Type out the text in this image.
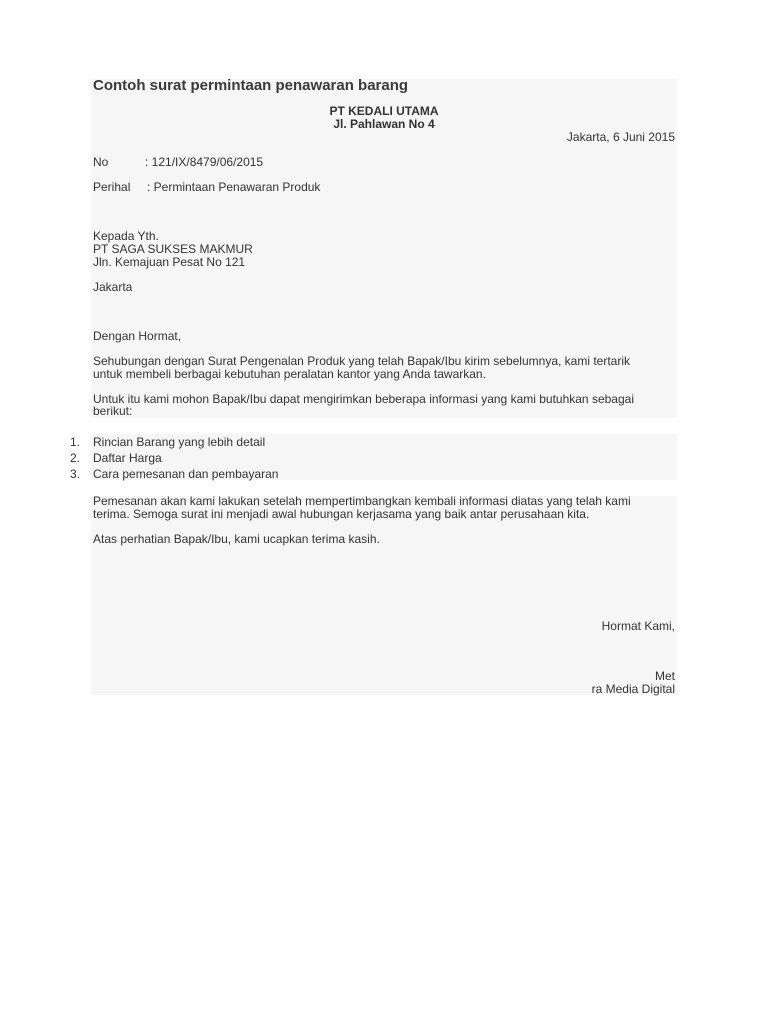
Contoh surat permintaan penawaran barang
PT KEDALI UTAMA
Jl. Pahlawan No 4
Jakarta, 6 Juni 2015
No	: 121/IX/8479/06/2015
Perihal : Permintaan Penawaran Produk
Kepada Yth.
PT SAGA SUKSES MAKMUR
Jln. Kemajuan Pesat No 121
Jakarta
Dengan Hormat,
Sehubungan dengan Surat Pengenalan Produk yang telah Bapak/Ibu kirim sebelumnya, kami tertarik
untuk membeli berbagai kebutuhan peralatan kantor yang Anda tawarkan.
Untuk itu kami mohon Bapak/Ibu dapat mengirimkan beberapa informasi yang kami butuhkan sebagai
berikut:
1. Rincian Barang yang lebih detail
2. Daftar Harga
3. Cara pemesanan dan pembayaran
Pemesanan akan kami lakukan setelah mempertimbangkan kembali informasi diatas yang telah kami
terima. Semoga surat ini menjadi awal hubungan kerjasama yang baik antar perusahaan kita.
Atas perhatian Bapak/Ibu, kami ucapkan terima kasih.
Hormat Kami,
Met
ra Media Digital
